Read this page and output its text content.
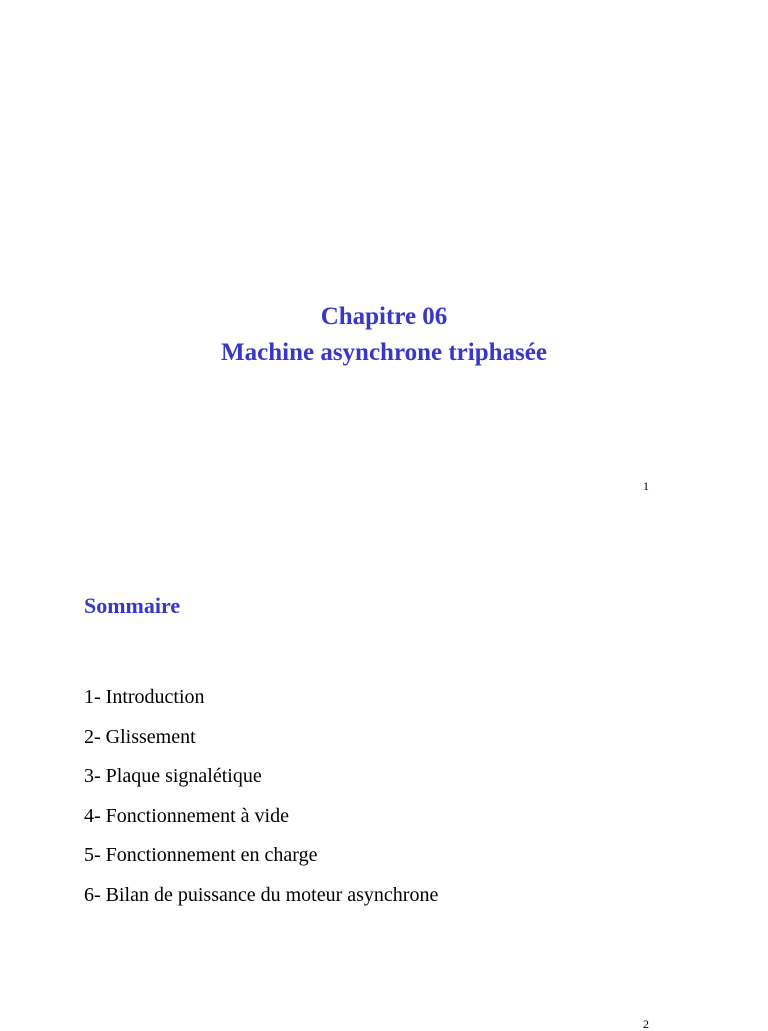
Chapitre 06
Machine asynchrone triphasée
1
Sommaire
1- Introduction
2- Glissement
3- Plaque signalétique
4- Fonctionnement à vide
5- Fonctionnement en charge
6- Bilan de puissance du moteur asynchrone
2
